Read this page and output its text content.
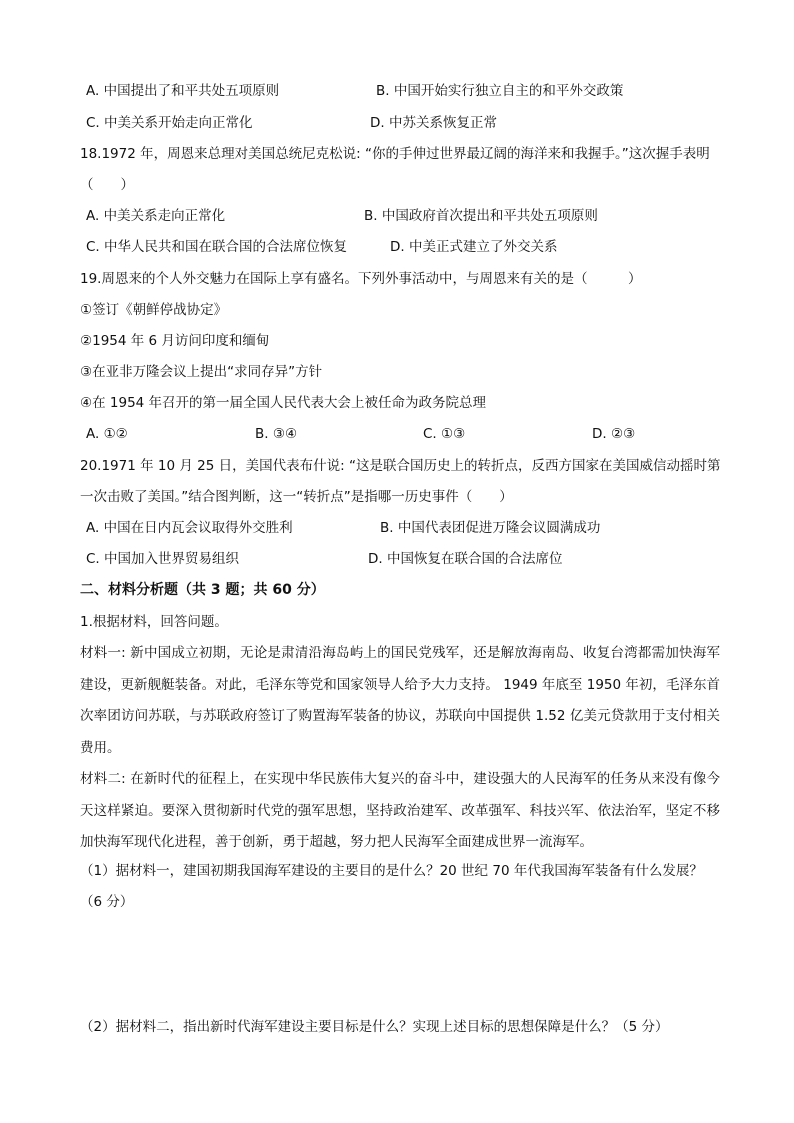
A. 中国提出了和平共处五项原则	B. 中国开始实行独立自主的和平外交政策
C. 中美关系开始走向正常化	D. 中苏关系恢复正常
18.1972 年，周恩来总理对美国总统尼克松说: “你的手伸过世界最辽阔的海洋来和我握手。”这次握手表明
（　　）
A. 中美关系走向正常化	B. 中国政府首次提出和平共处五项原则
C. 中华人民共和国在联合国的合法席位恢复	D. 中美正式建立了外交关系
19.周恩来的个人外交魅力在国际上享有盛名。下列外事活动中，与周恩来有关的是（　　　）
①签订《朝鲜停战协定》
②1954 年 6 月访问印度和缅甸
③在亚非万隆会议上提出“求同存异”方针
④在 1954 年召开的第一届全国人民代表大会上被任命为政务院总理
A. ①②	B. ③④	C. ①③	D. ②③
20.1971 年 10 月 25 日，美国代表布什说: “这是联合国历史上的转折点，反西方国家在美国威信动摇时第
一次击败了美国。”结合图判断，这一“转折点”是指哪一历史事件（　　）
A. 中国在日内瓦会议取得外交胜利	B. 中国代表团促进万隆会议圆满成功
C. 中国加入世界贸易组织	D. 中国恢复在联合国的合法席位
二、材料分析题（共 3 题；共 60 分）
1.根据材料，回答问题。
材料一: 新中国成立初期，无论是肃清沿海岛屿上的国民党残军，还是解放海南岛、收复台湾都需加快海军建设，更新舰艇装备。对此，毛泽东等党和国家领导人给予大力支持。 1949 年底至 1950 年初，毛泽东首次率团访问苏联，与苏联政府签订了购置海军装备的协议，苏联向中国提供 1.52 亿美元贷款用于支付相关费用。
材料二: 在新时代的征程上，在实现中华民族伟大复兴的奋斗中，建设强大的人民海军的任务从来没有像今天这样紧迫。要深入贯彻新时代党的强军思想，坚持政治建军、改革强军、科技兴军、依法治军，坚定不移加快海军现代化进程，善于创新，勇于超越，努力把人民海军全面建成世界一流海军。
（1）据材料一，建国初期我国海军建设的主要目的是什么？20 世纪 70 年代我国海军装备有什么发展？
（6 分）
（2）据材料二，指出新时代海军建设主要目标是什么？实现上述目标的思想保障是什么？（5 分）
